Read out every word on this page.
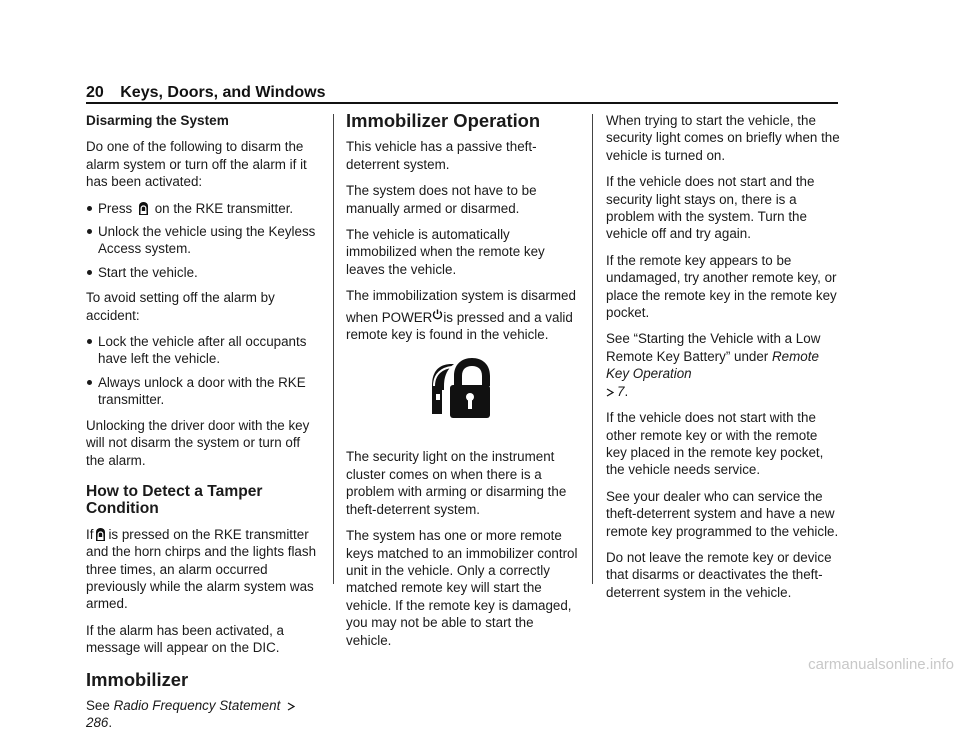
20 Keys, Doors, and Windows
Disarming the System

Do one of the following to disarm the alarm system or turn off the alarm if it has been activated:

Press on the RKE transmitter.
Unlock the vehicle using the Keyless Access system.
Start the vehicle.

To avoid setting off the alarm by accident:

Lock the vehicle after all occupants have left the vehicle.
Always unlock a door with the RKE transmitter.

Unlocking the driver door with the key will not disarm the system or turn off the alarm.

How to Detect a Tamper Condition

If is pressed on the RKE transmitter and the horn chirps and the lights flash three times, an alarm occurred previously while the alarm system was armed.

If the alarm has been activated, a message will appear on the DIC.

Immobilizer

See Radio Frequency Statement 286.

Immobilizer Operation

This vehicle has a passive theft-deterrent system.

The system does not have to be manually armed or disarmed.

The vehicle is automatically immobilized when the remote key leaves the vehicle.

The immobilization system is disarmed

when POWER is pressed and a valid remote key is found in the vehicle.

The security light on the instrument cluster comes on when there is a problem with arming or disarming the theft-deterrent system.

The system has one or more remote keys matched to an immobilizer control unit in the vehicle. Only a correctly matched remote key will start the vehicle. If the remote key is damaged, you may not be able to start the vehicle.

When trying to start the vehicle, the security light comes on briefly when the vehicle is turned on.

If the vehicle does not start and the security light stays on, there is a problem with the system. Turn the vehicle off and try again.

If the remote key appears to be undamaged, try another remote key, or place the remote key in the remote key pocket.

See “Starting the Vehicle with a Low Remote Key Battery” under Remote Key Operation
7.

If the vehicle does not start with the other remote key or with the remote key placed in the remote key pocket, the vehicle needs service.

See your dealer who can service the theft-deterrent system and have a new remote key programmed to the vehicle.

Do not leave the remote key or device that disarms or deactivates the theft-deterrent system in the vehicle.

carmanualsonline.info
